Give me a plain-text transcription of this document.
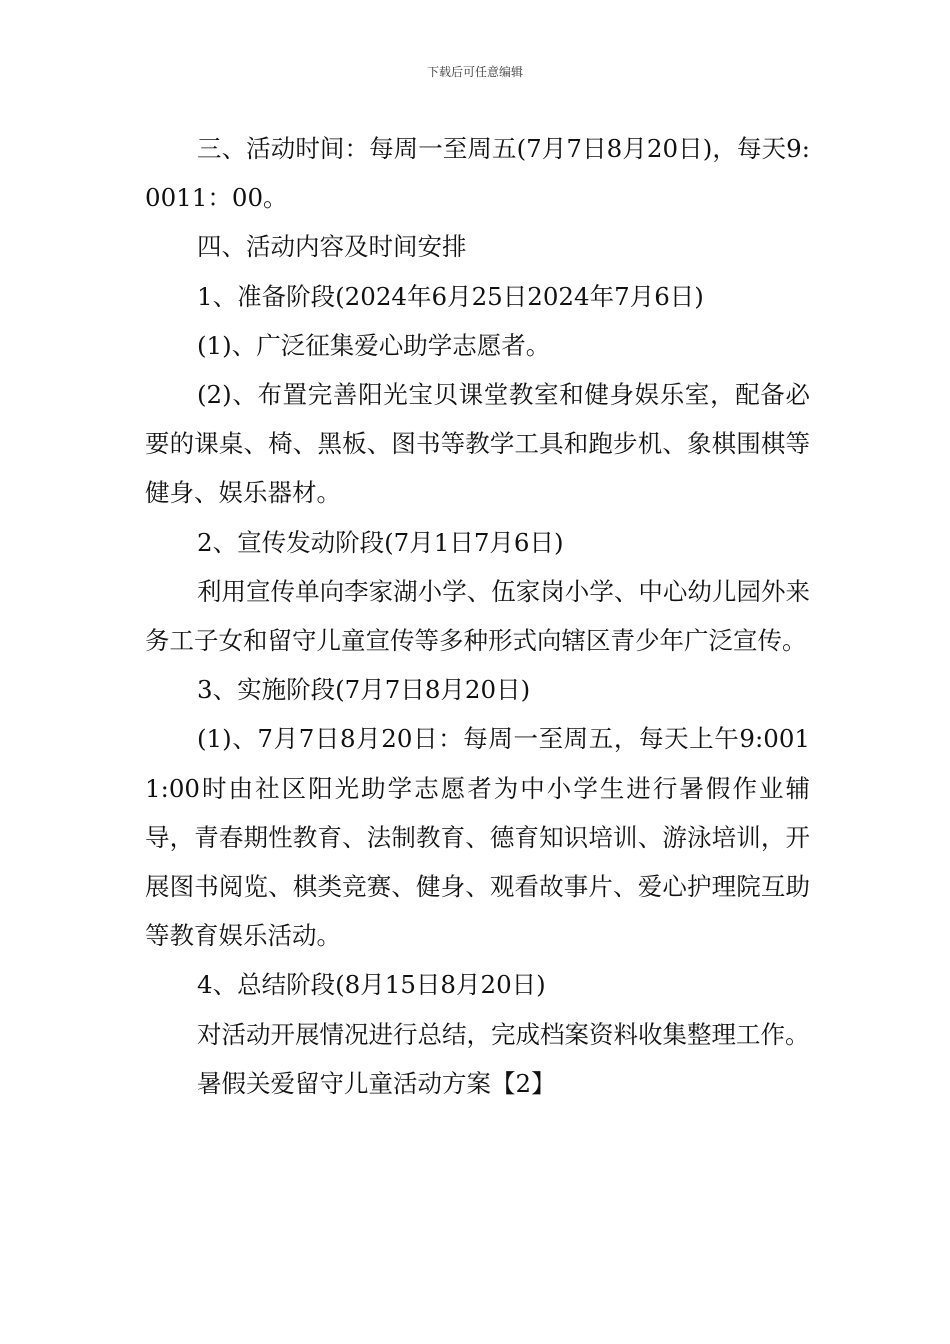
下载后可任意编辑

三、活动时间：每周一至周五(7月7日8月20日)，每天9:0011：00。

四、活动内容及时间安排

1、准备阶段(2024年6月25日2024年7月6日)

(1)、广泛征集爱心助学志愿者。

(2)、布置完善阳光宝贝课堂教室和健身娱乐室，配备必要的课桌、椅、黑板、图书等教学工具和跑步机、象棋围棋等健身、娱乐器材。

2、宣传发动阶段(7月1日7月6日)

利用宣传单向李家湖小学、伍家岗小学、中心幼儿园外来务工子女和留守儿童宣传等多种形式向辖区青少年广泛宣传。

3、实施阶段(7月7日8月20日)

(1)、7月7日8月20日：每周一至周五，每天上午9:0011:00时由社区阳光助学志愿者为中小学生进行暑假作业辅导，青春期性教育、法制教育、德育知识培训、游泳培训，开展图书阅览、棋类竞赛、健身、观看故事片、爱心护理院互助等教育娱乐活动。

4、总结阶段(8月15日8月20日)

对活动开展情况进行总结，完成档案资料收集整理工作。

暑假关爱留守儿童活动方案【2】
